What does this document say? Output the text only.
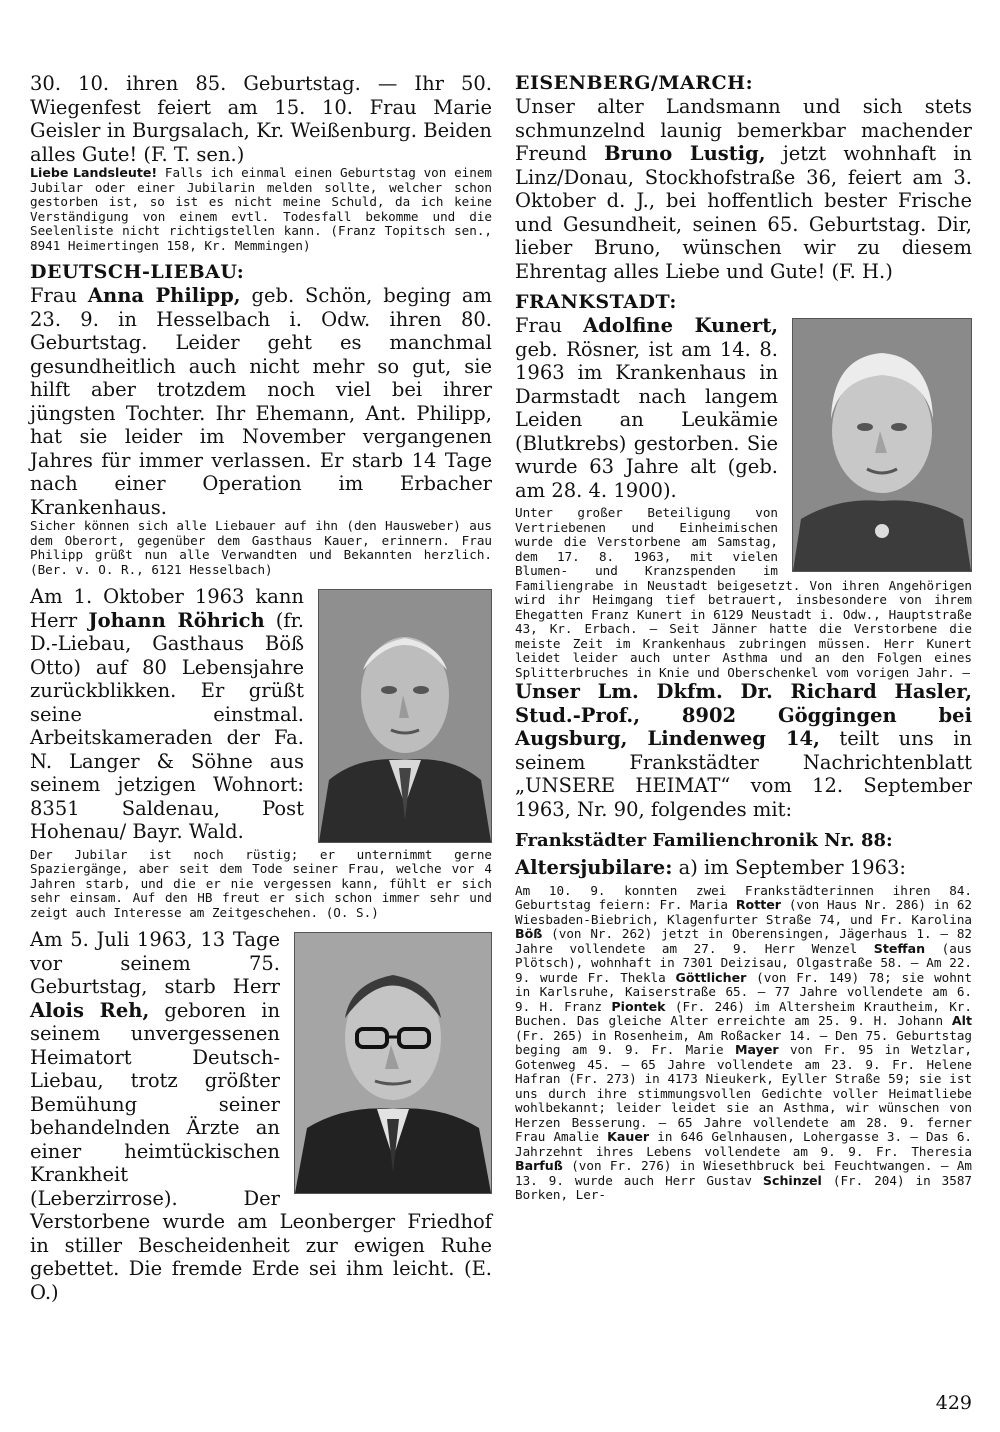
30. 10. ihren 85. Geburtstag. — Ihr 50. Wiegenfest feiert am 15. 10. Frau Marie Geisler in Burgsalach, Kr. Weißenburg. Beiden alles Gute! (F. T. sen.)

Liebe Landsleute! Falls ich einmal einen Geburtstag von einem Jubilar oder einer Jubilarin melden sollte, welcher schon gestorben ist, so ist es nicht meine Schuld, da ich keine Verständigung von einem evtl. Todesfall bekomme und die Seelenliste nicht richtigstellen kann. (Franz Topitsch sen., 8941 Heimertingen 158, Kr. Memmingen)

DEUTSCH-LIEBAU:

Frau Anna Philipp, geb. Schön, beging am 23. 9. in Hesselbach i. Odw. ihren 80. Geburtstag. Leider geht es manchmal gesundheitlich auch nicht mehr so gut, sie hilft aber trotzdem noch viel bei ihrer jüngsten Tochter. Ihr Ehemann, Ant. Philipp, hat sie leider im November vergangenen Jahres für immer verlassen. Er starb 14 Tage nach einer Operation im Erbacher Krankenhaus.

Sicher können sich alle Liebauer auf ihn (den Hausweber) aus dem Oberort, gegenüber dem Gasthaus Kauer, erinnern. Frau Philipp grüßt nun alle Verwandten und Bekannten herzlich. (Ber. v. O. R., 6121 Hesselbach)

Am 1. Oktober 1963 kann Herr Johann Röhrich (fr. D.-Liebau, Gasthaus Böß Otto) auf 80 Lebensjahre zurückblikken. Er grüßt seine einstmal. Arbeitskameraden der Fa. N. Langer & Söhne aus seinem jetzigen Wohnort: 8351 Saldenau, Post Hohenau/ Bayr. Wald.

Der Jubilar ist noch rüstig; er unternimmt gerne Spaziergänge, aber seit dem Tode seiner Frau, welche vor 4 Jahren starb, und die er nie vergessen kann, fühlt er sich sehr einsam. Auf den HB freut er sich schon immer sehr und zeigt auch Interesse am Zeitgeschehen. (O. S.)

Am 5. Juli 1963, 13 Tage vor seinem 75. Geburtstag, starb Herr Alois Reh, geboren in seinem unvergessenen Heimatort Deutsch-Liebau, trotz größter Bemühung seiner behandelnden Ärzte an einer heimtückischen Krankheit (Leberzirrose). Der Verstorbene wurde am Leonberger Friedhof in stiller Bescheidenheit zur ewigen Ruhe gebettet. Die fremde Erde sei ihm leicht. (E. O.)

EISENBERG/MARCH:

Unser alter Landsmann und sich stets schmunzelnd launig bemerkbar machender Freund Bruno Lustig, jetzt wohnhaft in Linz/Donau, Stockhofstraße 36, feiert am 3. Oktober d. J., bei hoffentlich bester Frische und Gesundheit, seinen 65. Geburtstag. Dir, lieber Bruno, wünschen wir zu diesem Ehrentag alles Liebe und Gute! (F. H.)

FRANKSTADT:

Frau Adolfine Kunert, geb. Rösner, ist am 14. 8. 1963 im Krankenhaus in Darmstadt nach langem Leiden an Leukämie (Blutkrebs) gestorben. Sie wurde 63 Jahre alt (geb. am 28. 4. 1900).

Unter großer Beteiligung von Vertriebenen und Einheimischen wurde die Verstorbene am Samstag, dem 17. 8. 1963, mit vielen Blumen- und Kranzspenden im Familiengrabe in Neustadt beigesetzt. Von ihren Angehörigen wird ihr Heimgang tief betrauert, insbesondere von ihrem Ehegatten Franz Kunert in 6129 Neustadt i. Odw., Hauptstraße 43, Kr. Erbach. — Seit Jänner hatte die Verstorbene die meiste Zeit im Krankenhaus zubringen müssen. Herr Kunert leidet leider auch unter Asthma und an den Folgen eines Splitterbruches in Knie und Oberschenkel vom vorigen Jahr. —

Unser Lm. Dkfm. Dr. Richard Hasler, Stud.-Prof., 8902 Göggingen bei Augsburg, Lindenweg 14, teilt uns in seinem Frankstädter Nachrichtenblatt „UNSERE HEIMAT“ vom 12. September 1963, Nr. 90, folgendes mit:

Frankstädter Familienchronik Nr. 88:

Altersjubilare: a) im September 1963:

Am 10. 9. konnten zwei Frankstädterinnen ihren 84. Geburtstag feiern: Fr. Maria Rotter (von Haus Nr. 286) in 62 Wiesbaden-Biebrich, Klagenfurter Straße 74, und Fr. Karolina Böß (von Nr. 262) jetzt in Oberensingen, Jägerhaus 1. — 82 Jahre vollendete am 27. 9. Herr Wenzel Steffan (aus Plötsch), wohnhaft in 7301 Deizisau, Olgastraße 58. — Am 22. 9. wurde Fr. Thekla Göttlicher (von Fr. 149) 78; sie wohnt in Karlsruhe, Kaiserstraße 65. — 77 Jahre vollendete am 6. 9. H. Franz Piontek (Fr. 246) im Altersheim Krautheim, Kr. Buchen. Das gleiche Alter erreichte am 25. 9. H. Johann Alt (Fr. 265) in Rosenheim, Am Roßacker 14. — Den 75. Geburtstag beging am 9. 9. Fr. Marie Mayer von Fr. 95 in Wetzlar, Gotenweg 45. — 65 Jahre vollendete am 23. 9. Fr. Helene Hafran (Fr. 273) in 4173 Nieukerk, Eyller Straße 59; sie ist uns durch ihre stimmungsvollen Gedichte voller Heimatliebe wohlbekannt; leider leidet sie an Asthma, wir wünschen von Herzen Besserung. — 65 Jahre vollendete am 28. 9. ferner Frau Amalie Kauer in 646 Gelnhausen, Lohergasse 3. — Das 6. Jahrzehnt ihres Lebens vollendete am 9. 9. Fr. Theresia Barfuß (von Fr. 276) in Wiesethbruck bei Feuchtwangen. — Am 13. 9. wurde auch Herr Gustav Schinzel (Fr. 204) in 3587 Borken, Ler-

429
